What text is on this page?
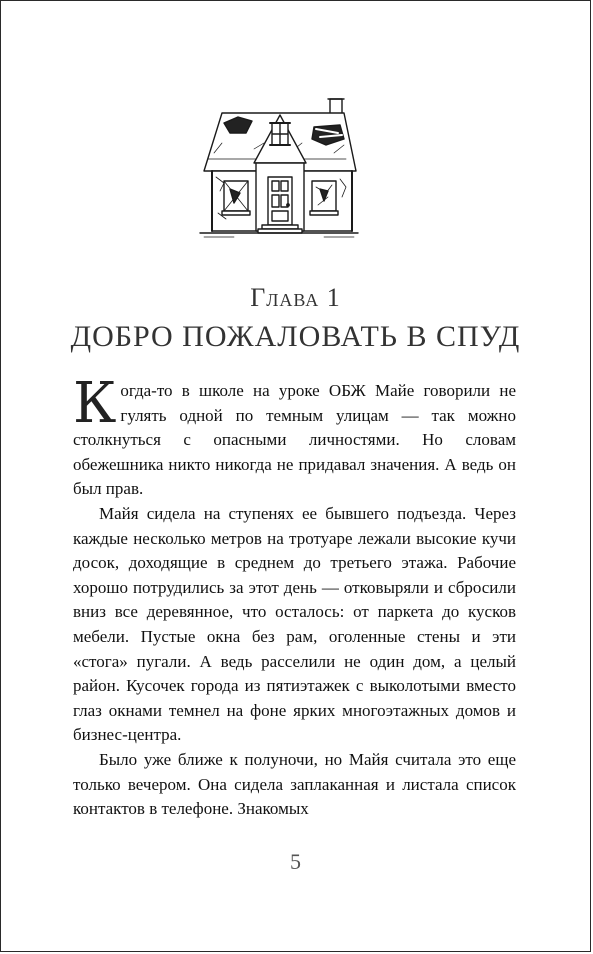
Глава 1
ДОБРО ПОЖАЛОВАТЬ В СПУД

Когда-то в школе на уроке ОБЖ Майе говорили не гулять одной по темным улицам — так можно столкнуться с опасными личностями. Но словам обежешника никто никогда не придавал значения. А ведь он был прав.

Майя сидела на ступенях ее бывшего подъезда. Через каждые несколько метров на тротуаре лежали высокие кучи досок, доходящие в среднем до третьего этажа. Рабочие хорошо потрудились за этот день — отковыряли и сбросили вниз все деревянное, что осталось: от паркета до кусков мебели. Пустые окна без рам, оголенные стены и эти «стога» пугали. А ведь расселили не один дом, а целый район. Кусочек города из пятиэтажек с выколотыми вместо глаз окнами темнел на фоне ярких многоэтажных домов и бизнес-центра.

Было уже ближе к полуночи, но Майя считала это еще только вечером. Она сидела заплаканная и листала список контактов в телефоне. Знакомых

5
